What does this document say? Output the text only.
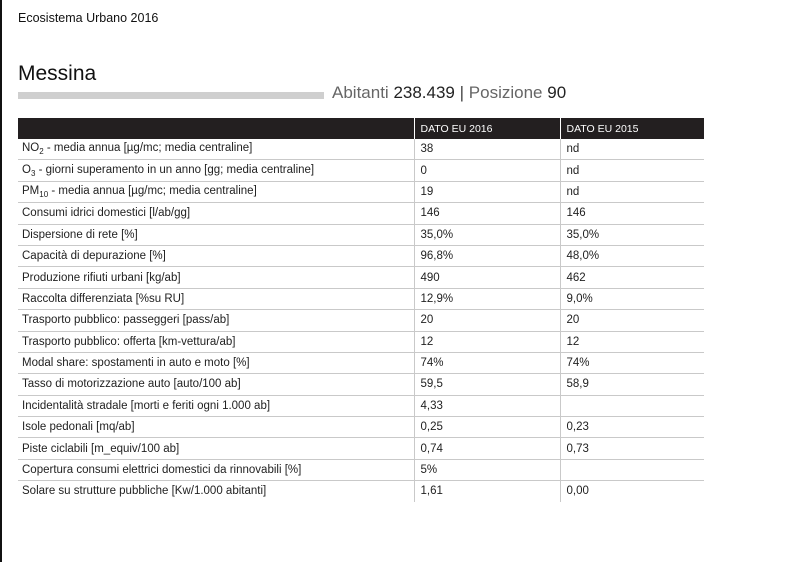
Ecosistema Urbano 2016
Messina
Abitanti 238.439 | Posizione 90
	DATO EU 2016	DATO EU 2015
$NO_2$ - media annua [µg/mc; media centraline]	38	nd
$O_3$ - giorni superamento in un anno [gg; media centraline]	0	nd
$PM_{10}$ - media annua [µg/mc; media centraline]	19	nd
Consumi idrici domestici [l/ab/gg]	146	146
Dispersione di rete [%]	35,0%	35,0%
Capacità di depurazione [%]	96,8%	48,0%
Produzione rifiuti urbani [kg/ab]	490	462
Raccolta differenziata [%su RU]	12,9%	9,0%
Trasporto pubblico: passeggeri [pass/ab]	20	20
Trasporto pubblico: offerta [km-vettura/ab]	12	12
Modal share: spostamenti in auto e moto [%]	74%	74%
Tasso di motorizzazione auto [auto/100 ab]	59,5	58,9
Incidentalità stradale [morti e feriti ogni 1.000 ab]	4,33	
Isole pedonali [mq/ab]	0,25	0,23
Piste ciclabili [m_equiv/100 ab]	0,74	0,73
Copertura consumi elettrici domestici da rinnovabili [%]	5%	
Solare su strutture pubbliche [Kw/1.000 abitanti]	1,61	0,00
